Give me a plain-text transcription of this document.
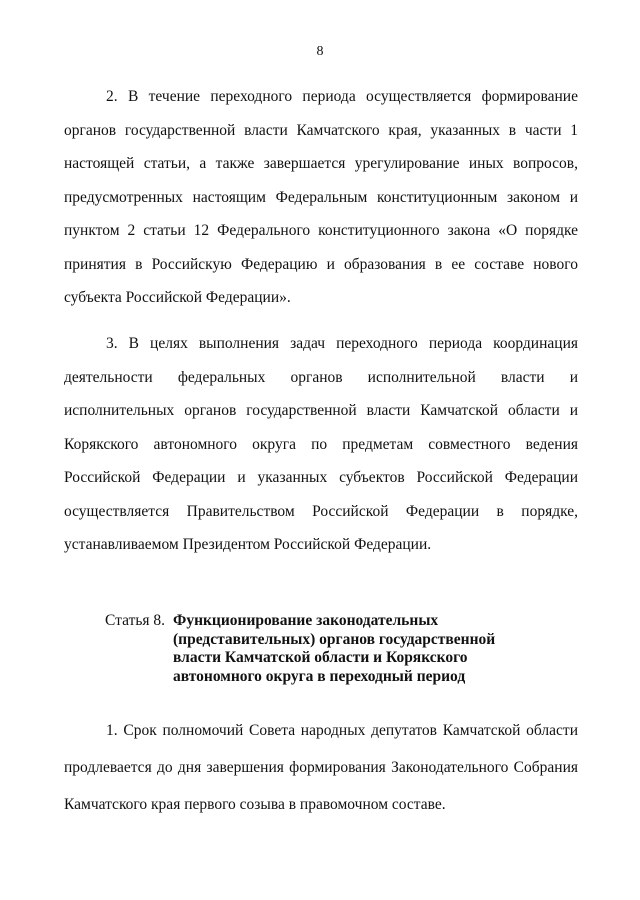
8
2. В течение переходного периода осуществляется формирование
органов государственной власти Камчатского края, указанных в части 1
настоящей статьи, а также завершается урегулирование иных вопросов,
предусмотренных настоящим Федеральным конституционным законом и
пунктом 2 статьи 12 Федерального конституционного закона «О порядке
принятия в Российскую Федерацию и образования в ее составе нового
субъекта Российской Федерации».
3. В целях выполнения задач переходного периода координация
деятельности федеральных органов исполнительной власти и
исполнительных органов государственной власти Камчатской области и
Корякского автономного округа по предметам совместного ведения
Российской Федерации и указанных субъектов Российской Федерации
осуществляется Правительством Российской Федерации в порядке,
устанавливаемом Президентом Российской Федерации.
Статья 8. Функционирование законодательных
(представительных) органов государственной
власти Камчатской области и Корякского
автономного округа в переходный период
1. Срок полномочий Совета народных депутатов Камчатской области
продлевается до дня завершения формирования Законодательного Собрания
Камчатского края первого созыва в правомочном составе.
